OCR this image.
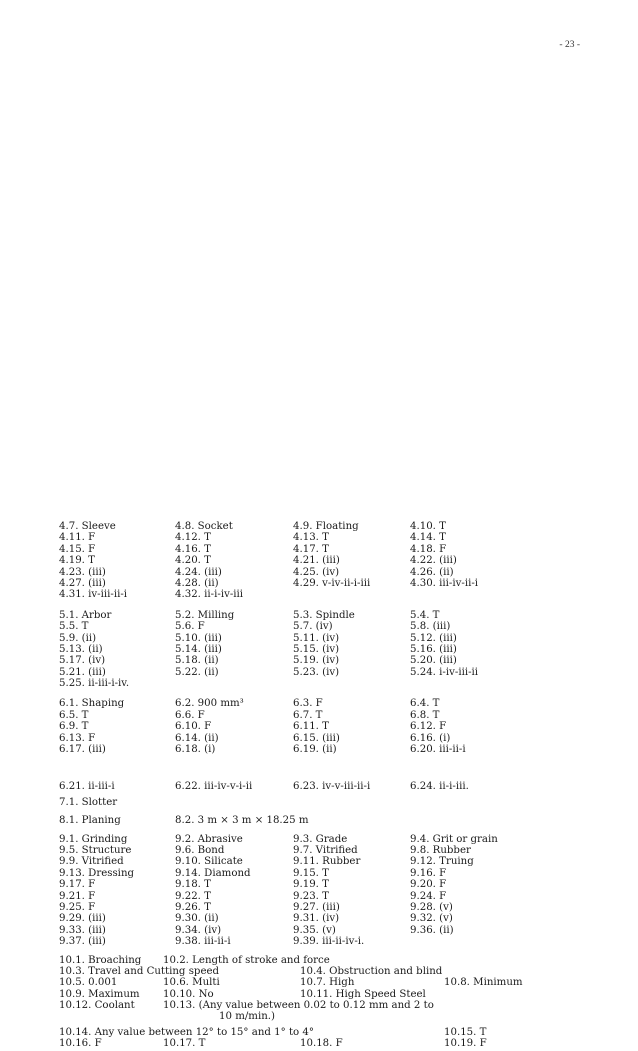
- 23 -
4.7. Sleeve	4.8. Socket	4.9. Floating	4.10. T
4.11. F	4.12. T	4.13. T	4.14. T
4.15. F	4.16. T	4.17. T	4.18. F
4.19. T	4.20. T	4.21. (iii)	4.22. (iii)
4.23. (iii)	4.24. (iii)	4.25. (iv)	4.26. (ii)
4.27. (iii)	4.28. (ii)	4.29. v-iv-ii-i-iii	4.30. iii-iv-ii-i
4.31. iv-iii-ii-i	4.32. ii-i-iv-iii
5.1. Arbor	5.2. Milling	5.3. Spindle	5.4. T
5.5. T	5.6. F	5.7. (iv)	5.8. (iii)
5.9. (ii)	5.10. (iii)	5.11. (iv)	5.12. (iii)
5.13. (ii)	5.14. (iii)	5.15. (iv)	5.16. (iii)
5.17. (iv)	5.18. (ii)	5.19. (iv)	5.20. (iii)
5.21. (iii)	5.22. (ii)	5.23. (iv)	5.24. i-iv-iii-ii
5.25. ii-iii-i-iv.
6.1. Shaping	6.2. 900 mm³	6.3. F	6.4. T
6.5. T	6.6. F	6.7. T	6.8. T
6.9. T	6.10. F	6.11. T	6.12. F
6.13. F	6.14. (ii)	6.15. (iii)	6.16. (i)
6.17. (iii)	6.18. (i)	6.19. (ii)	6.20. iii-ii-i
6.21. ii-iii-i	6.22. iii-iv-v-i-ii	6.23. iv-v-iii-ii-i	6.24. ii-i-iii.
7.1. Slotter
8.1. Planing	8.2. 3 m × 3 m × 18.25 m
9.1. Grinding	9.2. Abrasive	9.3. Grade	9.4. Grit or grain
9.5. Structure	9.6. Bond	9.7. Vitrified	9.8. Rubber
9.9. Vitrified	9.10. Silicate	9.11. Rubber	9.12. Truing
9.13. Dressing	9.14. Diamond	9.15. T	9.16. F
9.17. F	9.18. T	9.19. T	9.20. F
9.21. F	9.22. T	9.23. T	9.24. F
9.25. F	9.26. T	9.27. (iii)	9.28. (v)
9.29. (iii)	9.30. (ii)	9.31. (iv)	9.32. (v)
9.33. (iii)	9.34. (iv)	9.35. (v)	9.36. (ii)
9.37. (iii)	9.38. iii-ii-i	9.39. iii-ii-iv-i.
10.1. Broaching 10.2. Length of stroke and force
10.3. Travel and Cutting speed	10.4. Obstruction and blind
10.5. 0.001	10.6. Multi	10.7. High	10.8. Minimum
10.9. Maximum 10.10. No	10.11. High Speed Steel
10.12. Coolant	10.13. (Any value between 0.02 to 0.12 mm and 2 to
10 m/min.)
10.14. Any value between 12° to 15° and 1° to 4°	10.15. T
10.16. F	10.17. T	10.18. F	10.19. F
